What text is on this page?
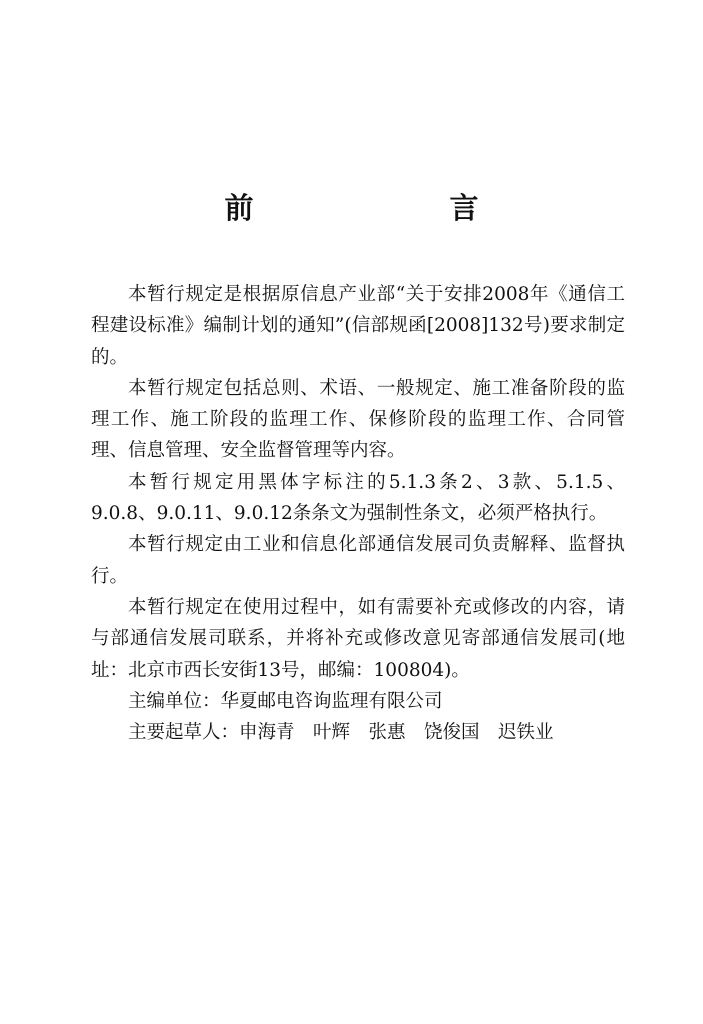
前　　言

本暂行规定是根据原信息产业部“关于安排2008年《通信工程建设标准》编制计划的通知”(信部规函[2008]132号)要求制定的。

本暂行规定包括总则、术语、一般规定、施工准备阶段的监理工作、施工阶段的监理工作、保修阶段的监理工作、合同管理、信息管理、安全监督管理等内容。

本暂行规定用黑体字标注的5.1.3条2、3款、5.1.5、9.0.8、9.0.11、9.0.12条条文为强制性条文，必须严格执行。

本暂行规定由工业和信息化部通信发展司负责解释、监督执行。

本暂行规定在使用过程中，如有需要补充或修改的内容，请与部通信发展司联系，并将补充或修改意见寄部通信发展司(地址：北京市西长安街13号，邮编：100804)。

主编单位：华夏邮电咨询监理有限公司

主要起草人：申海青　叶辉　张惠　饶俊国　迟铁业
